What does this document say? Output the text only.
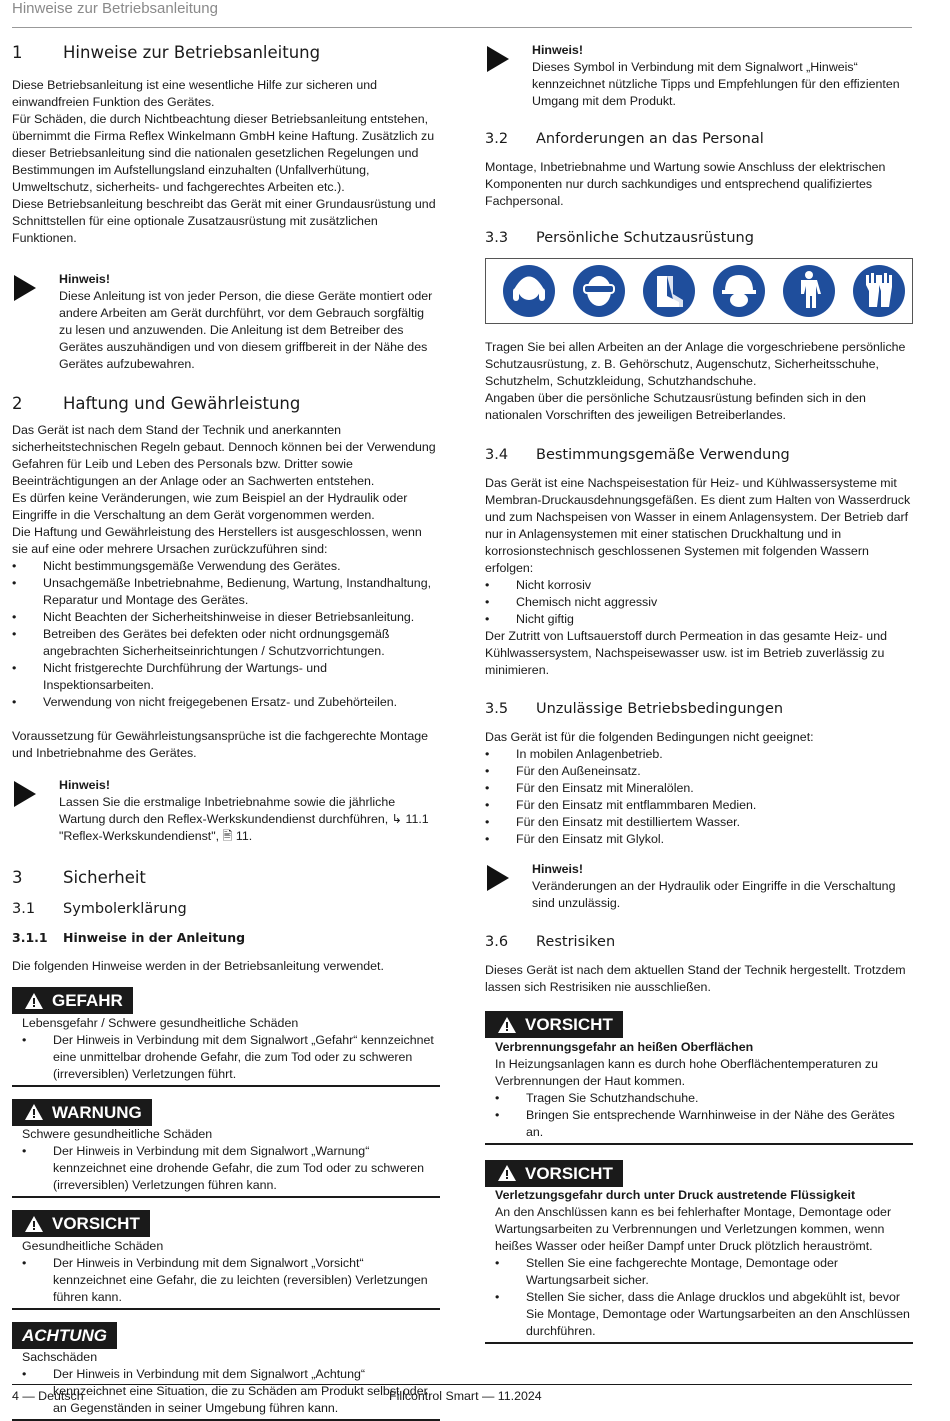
Hinweise zur Betriebsanleitung
1	Hinweise zur Betriebsanleitung

Diese Betriebsanleitung ist eine wesentliche Hilfe zur sicheren und einwandfreien Funktion des Gerätes.

Für Schäden, die durch Nichtbeachtung dieser Betriebsanleitung entstehen, übernimmt die Firma Reflex Winkelmann GmbH keine Haftung. Zusätzlich zu dieser Betriebsanleitung sind die nationalen gesetzlichen Regelungen und Bestimmungen im Aufstellungsland einzuhalten (Unfallverhütung, Umweltschutz, sicherheits- und fachgerechtes Arbeiten etc.).

Diese Betriebsanleitung beschreibt das Gerät mit einer Grundausrüstung und Schnittstellen für eine optionale Zusatzausrüstung mit zusätzlichen Funktionen.

Hinweis!

Diese Anleitung ist von jeder Person, die diese Geräte montiert oder andere Arbeiten am Gerät durchführt, vor dem Gebrauch sorgfältig zu lesen und anzuwenden. Die Anleitung ist dem Betreiber des Gerätes auszuhändigen und von diesem griffbereit in der Nähe des Gerätes aufzubewahren.

2	Haftung und Gewährleistung

Das Gerät ist nach dem Stand der Technik und anerkannten sicherheitstechnischen Regeln gebaut. Dennoch können bei der Verwendung Gefahren für Leib und Leben des Personals bzw. Dritter sowie Beeinträchtigungen an der Anlage oder an Sachwerten entstehen.

Es dürfen keine Veränderungen, wie zum Beispiel an der Hydraulik oder Eingriffe in die Verschaltung an dem Gerät vorgenommen werden.

Die Haftung und Gewährleistung des Herstellers ist ausgeschlossen, wenn sie auf eine oder mehrere Ursachen zurückzuführen sind:

• Nicht bestimmungsgemäße Verwendung des Gerätes.
• Unsachgemäße Inbetriebnahme, Bedienung, Wartung, Instandhaltung, Reparatur und Montage des Gerätes.
• Nicht Beachten der Sicherheitshinweise in dieser Betriebsanleitung.
• Betreiben des Gerätes bei defekten oder nicht ordnungsgemäß angebrachten Sicherheitseinrichtungen / Schutzvorrichtungen.
• Nicht fristgerechte Durchführung der Wartungs- und Inspektionsarbeiten.
• Verwendung von nicht freigegebenen Ersatz- und Zubehörteilen.

Voraussetzung für Gewährleistungsansprüche ist die fachgerechte Montage und Inbetriebnahme des Gerätes.

Hinweis!

Lassen Sie die erstmalige Inbetriebnahme sowie die jährliche Wartung durch den Reflex-Werkskundendienst durchführen, ↳ 11.1 "Reflex-Werkskundendienst", 🖹 11.

3	Sicherheit
3.1	Symbolerklärung
3.1.1	Hinweise in der Anleitung

Die folgenden Hinweise werden in der Betriebsanleitung verwendet.

GEFAHR

Lebensgefahr / Schwere gesundheitliche Schäden

• Der Hinweis in Verbindung mit dem Signalwort „Gefahr“ kennzeichnet eine unmittelbar drohende Gefahr, die zum Tod oder zu schweren (irreversiblen) Verletzungen führt.
WARNUNG

Schwere gesundheitliche Schäden

• Der Hinweis in Verbindung mit dem Signalwort „Warnung“ kennzeichnet eine drohende Gefahr, die zum Tod oder zu schweren (irreversiblen) Verletzungen führen kann.
VORSICHT

Gesundheitliche Schäden

• Der Hinweis in Verbindung mit dem Signalwort „Vorsicht“ kennzeichnet eine Gefahr, die zu leichten (reversiblen) Verletzungen führen kann.
ACHTUNG

Sachschäden

• Der Hinweis in Verbindung mit dem Signalwort „Achtung“ kennzeichnet eine Situation, die zu Schäden am Produkt selbst oder an Gegenständen in seiner Umgebung führen kann.
Hinweis!

Dieses Symbol in Verbindung mit dem Signalwort „Hinweis“ kennzeichnet nützliche Tipps und Empfehlungen für den effizienten Umgang mit dem Produkt.

3.2	Anforderungen an das Personal

Montage, Inbetriebnahme und Wartung sowie Anschluss der elektrischen Komponenten nur durch sachkundiges und entsprechend qualifiziertes Fachpersonal.

3.3	Persönliche Schutzausrüstung

Tragen Sie bei allen Arbeiten an der Anlage die vorgeschriebene persönliche Schutzausrüstung, z. B. Gehörschutz, Augenschutz, Sicherheitsschuhe, Schutzhelm, Schutzkleidung, Schutzhandschuhe.

Angaben über die persönliche Schutzausrüstung befinden sich in den nationalen Vorschriften des jeweiligen Betreiberlandes.

3.4	Bestimmungsgemäße Verwendung

Das Gerät ist eine Nachspeisestation für Heiz- und Kühlwassersysteme mit Membran-Druckausdehnungsgefäßen. Es dient zum Halten von Wasserdruck und zum Nachspeisen von Wasser in einem Anlagensystem. Der Betrieb darf nur in Anlagensystemen mit einer statischen Druckhaltung und in korrosionstechnisch geschlossenen Systemen mit folgenden Wassern erfolgen:

• Nicht korrosiv
• Chemisch nicht aggressiv
• Nicht giftig

Der Zutritt von Luftsauerstoff durch Permeation in das gesamte Heiz- und Kühlwassersystem, Nachspeisewasser usw. ist im Betrieb zuverlässig zu minimieren.

3.5	Unzulässige Betriebsbedingungen

Das Gerät ist für die folgenden Bedingungen nicht geeignet:

• In mobilen Anlagenbetrieb.
• Für den Außeneinsatz.
• Für den Einsatz mit Mineralölen.
• Für den Einsatz mit entflammbaren Medien.
• Für den Einsatz mit destilliertem Wasser.
• Für den Einsatz mit Glykol.
Hinweis!

Veränderungen an der Hydraulik oder Eingriffe in die Verschaltung sind unzulässig.

3.6	Restrisiken

Dieses Gerät ist nach dem aktuellen Stand der Technik hergestellt. Trotzdem lassen sich Restrisiken nie ausschließen.

VORSICHT

Verbrennungsgefahr an heißen Oberflächen

In Heizungsanlagen kann es durch hohe Oberflächentemperaturen zu Verbrennungen der Haut kommen.

• Tragen Sie Schutzhandschuhe.
• Bringen Sie entsprechende Warnhinweise in der Nähe des Gerätes an.
VORSICHT

Verletzungsgefahr durch unter Druck austretende Flüssigkeit

An den Anschlüssen kann es bei fehlerhafter Montage, Demontage oder Wartungsarbeiten zu Verbrennungen und Verletzungen kommen, wenn heißes Wasser oder heißer Dampf unter Druck plötzlich herauströmt.

• Stellen Sie eine fachgerechte Montage, Demontage oder Wartungsarbeit sicher.
• Stellen Sie sicher, dass die Anlage drucklos und abgekühlt ist, bevor Sie Montage, Demontage oder Wartungsarbeiten an den Anschlüssen durchführen.
4 — Deutsch	Fillcontrol Smart — 11.2024
